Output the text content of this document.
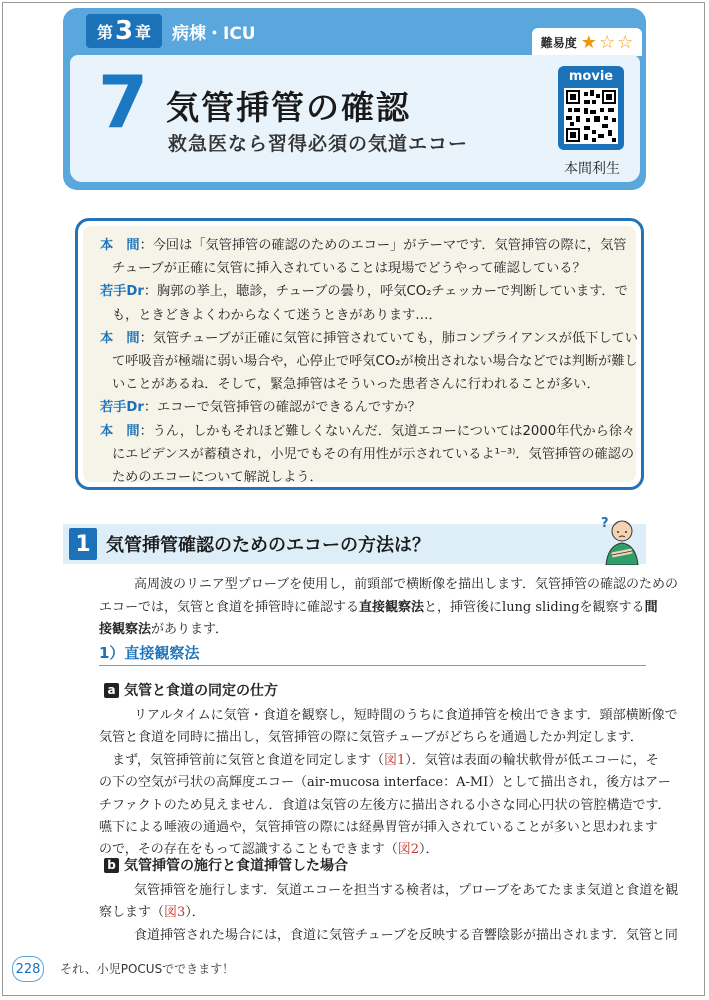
第 3 章 病棟・ICU	難易度 ★ ☆ ☆
7 気管挿管の確認
救急医なら習得必須の気道エコー
movie
本間利生
本　間：今回は「気管挿管の確認のためのエコー」がテーマです．気管挿管の際に，気管
チューブが正確に気管に挿入されていることは現場でどうやって確認している？
若手Dr：胸郭の挙上，聴診，チューブの曇り，呼気CO₂チェッカーで判断しています．で
も，ときどきよくわからなくて迷うときがあります…．
本　間：気管チューブが正確に気管に挿管されていても，肺コンプライアンスが低下してい
て呼吸音が極端に弱い場合や，心停止で呼気CO₂が検出されない場合などでは判断が難し
いことがあるね．そして，緊急挿管はそういった患者さんに行われることが多い．
若手Dr：エコーで気管挿管の確認ができるんですか？
本　間：うん，しかもそれほど難しくないんだ．気道エコーについては2000年代から徐々
にエビデンスが蓄積され，小児でもその有用性が示されているよ¹⁻³⁾．気管挿管の確認の
ためのエコーについて解説しよう．
1 気管挿管確認のためのエコーの方法は？
?
高周波のリニア型プローブを使用し，前頸部で横断像を描出します．気管挿管の確認のための
エコーでは，気管と食道を挿管時に確認する直接観察法と，挿管後にlung slidingを観察する間
接観察法があります．
1）直接観察法
a 気管と食道の同定の仕方
リアルタイムに気管・食道を観察し，短時間のうちに食道挿管を検出できます．頸部横断像で
気管と食道を同時に描出し，気管挿管の際に気管チューブがどちらを通過したか判定します．
まず，気管挿管前に気管と食道を同定します（図1）．気管は表面の輪状軟骨が低エコーに，そ
の下の空気が弓状の高輝度エコー（air-mucosa interface：A-MI）として描出され，後方はアー
チファクトのため見えません．食道は気管の左後方に描出される小さな同心円状の管腔構造です．
嚥下による唾液の通過や，気管挿管の際には経鼻胃管が挿入されていることが多いと思われます
ので，その存在をもって認識することもできます（図2）．
b 気管挿管の施行と食道挿管した場合
気管挿管を施行します．気道エコーを担当する検者は，プローブをあてたまま気道と食道を観
察します（図3）．
食道挿管された場合には，食道に気管チューブを反映する音響陰影が描出されます．気管と同
228 それ、小児POCUSでできます！
